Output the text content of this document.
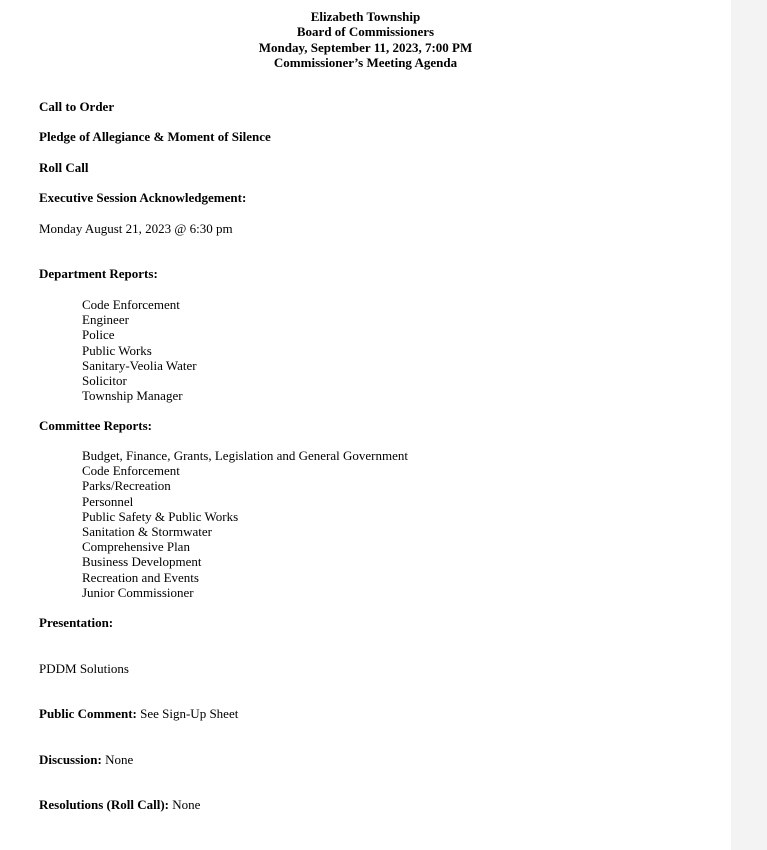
Elizabeth Township
Board of Commissioners
Monday, September 11, 2023, 7:00 PM
Commissioner’s Meeting Agenda
Call to Order
Pledge of Allegiance & Moment of Silence
Roll Call
Executive Session Acknowledgement:
Monday August 21, 2023 @ 6:30 pm
Department Reports:
Code Enforcement
Engineer
Police
Public Works
Sanitary-Veolia Water
Solicitor
Township Manager
Committee Reports:
Budget, Finance, Grants, Legislation and General Government
Code Enforcement
Parks/Recreation
Personnel
Public Safety & Public Works
Sanitation & Stormwater
Comprehensive Plan
Business Development
Recreation and Events
Junior Commissioner
Presentation:
PDDM Solutions
Public Comment: See Sign-Up Sheet
Discussion: None
Resolutions (Roll Call): None
